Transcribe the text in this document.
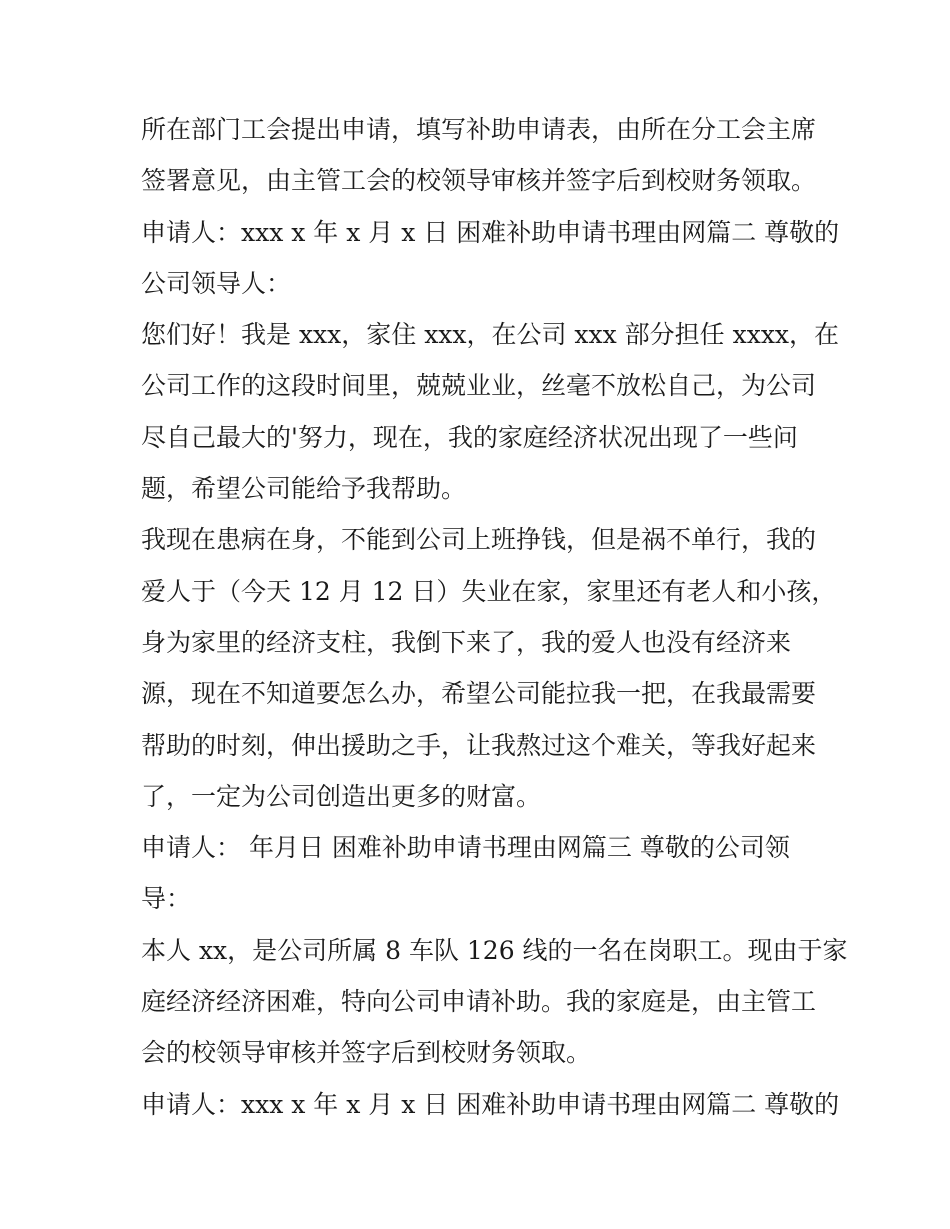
所在部门工会提出申请，填写补助申请表，由所在分工会主席
签署意见，由主管工会的校领导审核并签字后到校财务领取。
申请人：xxx x 年 x 月 x 日 困难补助申请书理由网篇二 尊敬的
公司领导人：
您们好！我是 xxx，家住 xxx，在公司 xxx 部分担任 xxxx，在
公司工作的这段时间里，兢兢业业，丝毫不放松自己，为公司
尽自己最大的'努力，现在，我的家庭经济状况出现了一些问
题，希望公司能给予我帮助。
我现在患病在身，不能到公司上班挣钱，但是祸不单行，我的
爱人于（今天 12 月 12 日）失业在家，家里还有老人和小孩，
身为家里的经济支柱，我倒下来了，我的爱人也没有经济来
源，现在不知道要怎么办，希望公司能拉我一把，在我最需要
帮助的时刻，伸出援助之手，让我熬过这个难关，等我好起来
了，一定为公司创造出更多的财富。
申请人： 年月日 困难补助申请书理由网篇三 尊敬的公司领
导：
本人 xx，是公司所属 8 车队 126 线的一名在岗职工。现由于家
庭经济经济困难，特向公司申请补助。我的家庭是，由主管工
会的校领导审核并签字后到校财务领取。
申请人：xxx x 年 x 月 x 日 困难补助申请书理由网篇二 尊敬的
